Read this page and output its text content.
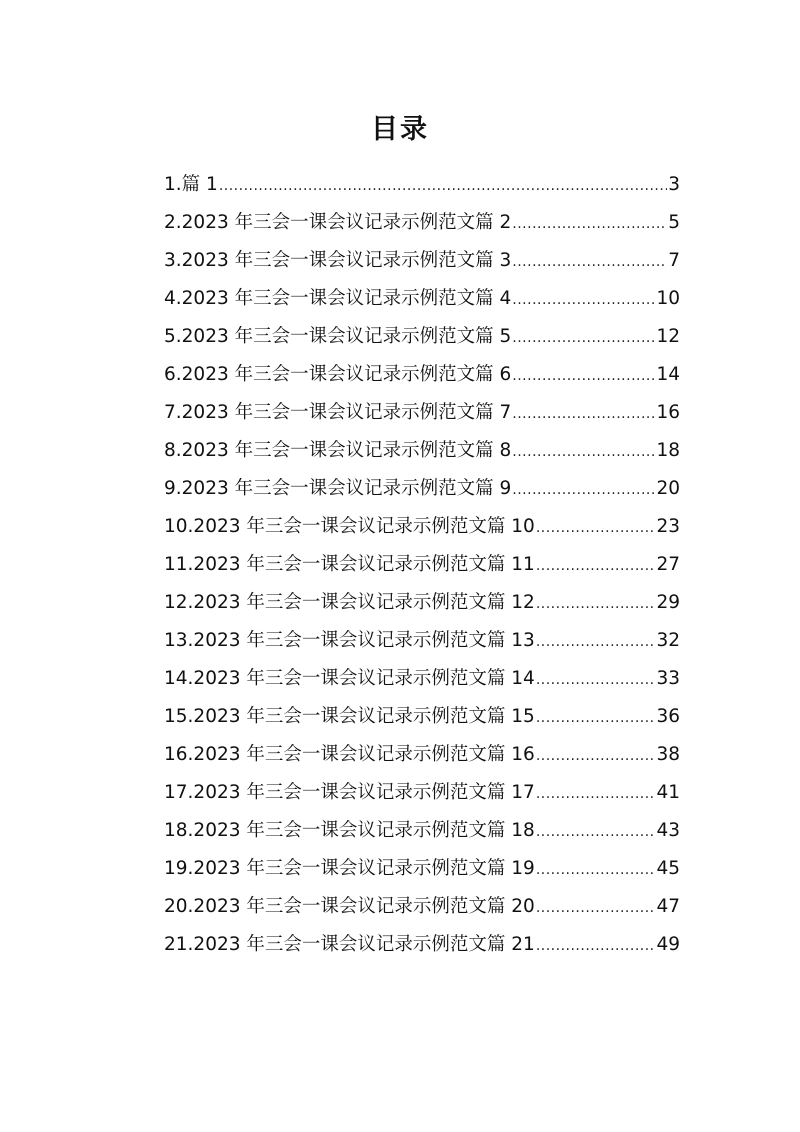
目录
1.篇 1 .....	3
2.2023 年三会一课会议记录示例范文篇 2 .....	5
3.2023 年三会一课会议记录示例范文篇 3 .....	7
4.2023 年三会一课会议记录示例范文篇 4 .....	10
5.2023 年三会一课会议记录示例范文篇 5 .....	12
6.2023 年三会一课会议记录示例范文篇 6 .....	14
7.2023 年三会一课会议记录示例范文篇 7 .....	16
8.2023 年三会一课会议记录示例范文篇 8 .....	18
9.2023 年三会一课会议记录示例范文篇 9 .....	20
10.2023 年三会一课会议记录示例范文篇 10 .....	23
11.2023 年三会一课会议记录示例范文篇 11 .....	27
12.2023 年三会一课会议记录示例范文篇 12 .....	29
13.2023 年三会一课会议记录示例范文篇 13 .....	32
14.2023 年三会一课会议记录示例范文篇 14 .....	33
15.2023 年三会一课会议记录示例范文篇 15 .....	36
16.2023 年三会一课会议记录示例范文篇 16 .....	38
17.2023 年三会一课会议记录示例范文篇 17 .....	41
18.2023 年三会一课会议记录示例范文篇 18 .....	43
19.2023 年三会一课会议记录示例范文篇 19 .....	45
20.2023 年三会一课会议记录示例范文篇 20 .....	47
21.2023 年三会一课会议记录示例范文篇 21 .....	49
